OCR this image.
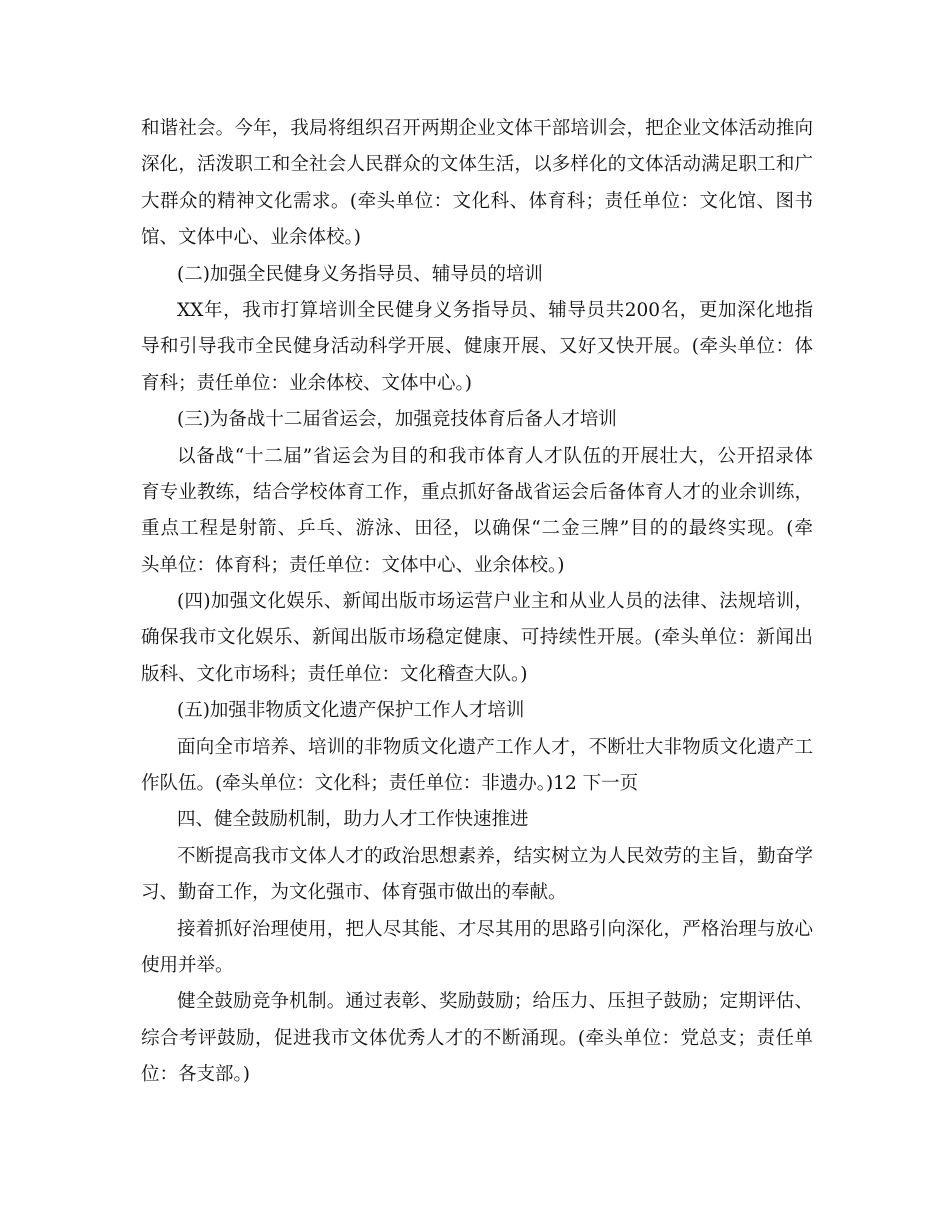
和谐社会。今年，我局将组织召开两期企业文体干部培训会，把企业文体活动推向
深化，活泼职工和全社会人民群众的文体生活，以多样化的文体活动满足职工和广
大群众的精神文化需求。(牵头单位：文化科、体育科；责任单位：文化馆、图书
馆、文体中心、业余体校。)
(二)加强全民健身义务指导员、辅导员的培训
XX年，我市打算培训全民健身义务指导员、辅导员共200名，更加深化地指
导和引导我市全民健身活动科学开展、健康开展、又好又快开展。(牵头单位：体
育科；责任单位：业余体校、文体中心。)
(三)为备战十二届省运会，加强竞技体育后备人才培训
以备战“十二届”省运会为目的和我市体育人才队伍的开展壮大，公开招录体
育专业教练，结合学校体育工作，重点抓好备战省运会后备体育人才的业余训练，
重点工程是射箭、乒乓、游泳、田径，以确保“二金三牌”目的的最终实现。(牵
头单位：体育科；责任单位：文体中心、业余体校。)
(四)加强文化娱乐、新闻出版市场运营户业主和从业人员的法律、法规培训，
确保我市文化娱乐、新闻出版市场稳定健康、可持续性开展。(牵头单位：新闻出
版科、文化市场科；责任单位：文化稽查大队。)
(五)加强非物质文化遗产保护工作人才培训
面向全市培养、培训的非物质文化遗产工作人才，不断壮大非物质文化遗产工
作队伍。(牵头单位：文化科；责任单位：非遗办。)12 下一页
四、健全鼓励机制，助力人才工作快速推进
不断提高我市文体人才的政治思想素养，结实树立为人民效劳的主旨，勤奋学
习、勤奋工作，为文化强市、体育强市做出的奉献。
接着抓好治理使用，把人尽其能、才尽其用的思路引向深化，严格治理与放心
使用并举。
健全鼓励竞争机制。通过表彰、奖励鼓励；给压力、压担子鼓励；定期评估、
综合考评鼓励，促进我市文体优秀人才的不断涌现。(牵头单位：党总支；责任单
位：各支部。)
